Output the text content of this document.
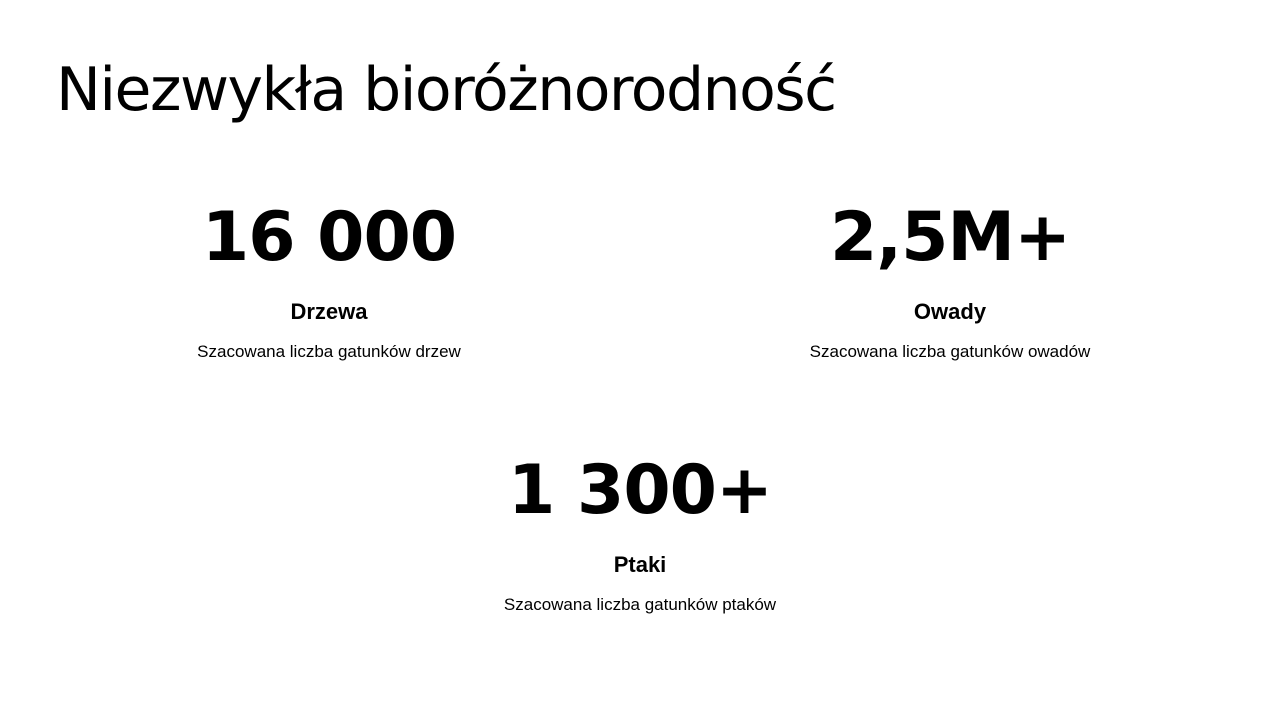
Niezwykła bioróżnorodność
16 000
Drzewa
Szacowana liczba gatunków drzew
2,5M+
Owady
Szacowana liczba gatunków owadów
1 300+
Ptaki
Szacowana liczba gatunków ptaków
